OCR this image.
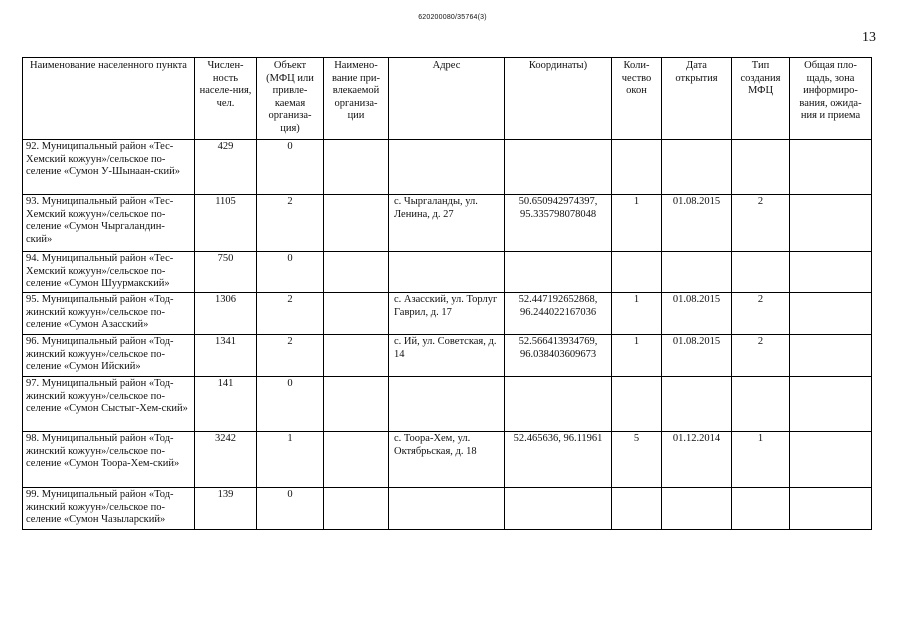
620200080/35764(3)
13
Наименование населенного пункта	Числен-ность населе-ния, чел.	Объект (МФЦ или привле-каемая организа-ция)	Наимено-вание при-влекаемой организа-ции	Адрес	Координаты)	Коли-чество окон	Дата открытия	Тип создания МФЦ	Общая пло-щадь, зона информиро-вания, ожида-ния и приема
92. Муниципальный район «Тес-Хемский кожуун»/сельское по-селение «Сумон У-Шынаан-ский»	429	0							
93. Муниципальный район «Тес-Хемский кожуун»/сельское по-селение «Сумон Чыргаландин-ский»	1105	2		с. Чыргаланды, ул. Ленина, д. 27	50.650942974397, 95.335798078048	1	01.08.2015	2	
94. Муниципальный район «Тес-Хемский кожуун»/сельское по-селение «Сумон Шуурмакский»	750	0							
95. Муниципальный район «Тод-жинский кожуун»/сельское по-селение «Сумон Азасский»	1306	2		с. Азасский, ул. Торлуг Гаврил, д. 17	52.447192652868, 96.244022167036	1	01.08.2015	2	
96. Муниципальный район «Тод-жинский кожуун»/сельское по-селение «Сумон Ийский»	1341	2		с. Ий, ул. Советская, д. 14	52.566413934769, 96.038403609673	1	01.08.2015	2	
97. Муниципальный район «Тод-жинский кожуун»/сельское по-селение «Сумон Сыстыг-Хем-ский»	141	0							
98. Муниципальный район «Тод-жинский кожуун»/сельское по-селение «Сумон Тоора-Хем-ский»	3242	1		с. Тоора-Хем, ул. Октябрьская, д. 18	52.465636, 96.11961	5	01.12.2014	1	
99. Муниципальный район «Тод-жинский кожуун»/сельское по-селение «Сумон Чазыларский»	139	0							
